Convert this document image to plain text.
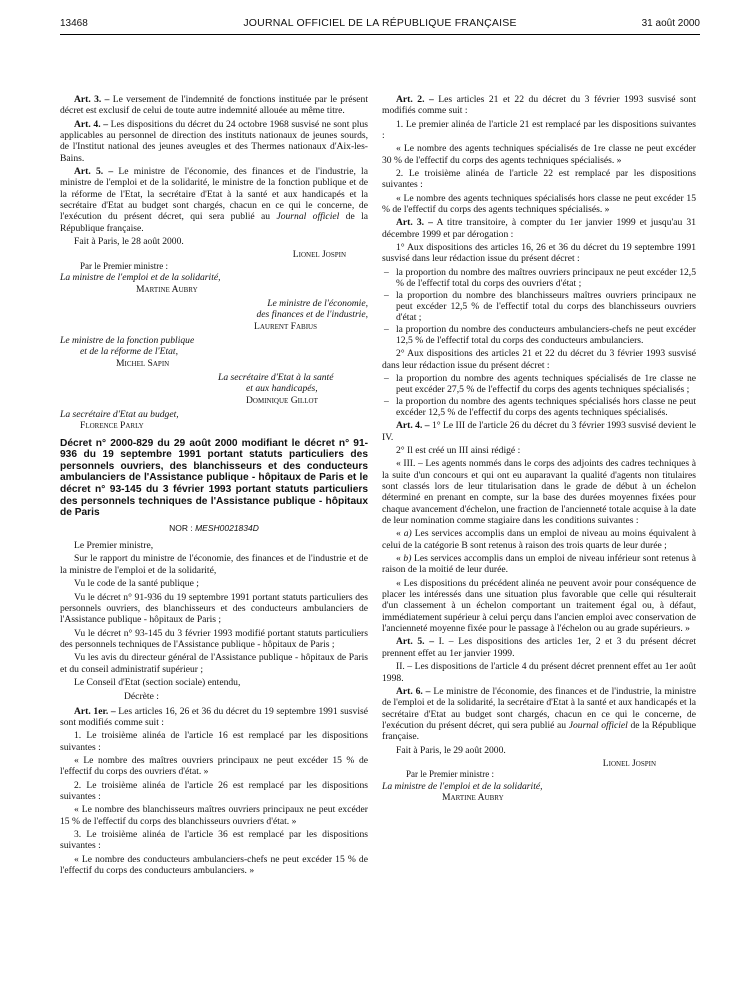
13468	JOURNAL OFFICIEL DE LA RÉPUBLIQUE FRANÇAISE	31 août 2000

Art. 3. – Le versement de l'indemnité de fonctions instituée par le présent décret est exclusif de celui de toute autre indemnité allouée au même titre.

Art. 4. – Les dispositions du décret du 24 octobre 1968 susvisé ne sont plus applicables au personnel de direction des instituts nationaux de jeunes sourds, de l'Institut national des jeunes aveugles et des Thermes nationaux d'Aix-les-Bains.

Art. 5. – Le ministre de l'économie, des finances et de l'industrie, la ministre de l'emploi et de la solidarité, le ministre de la fonction publique et de la réforme de l'Etat, la secrétaire d'Etat à la santé et aux handicapés et la secrétaire d'Etat au budget sont chargés, chacun en ce qui le concerne, de l'exécution du présent décret, qui sera publié au Journal officiel de la République française.

Fait à Paris, le 28 août 2000.

Lionel Jospin
Par le Premier ministre :
La ministre de l'emploi et de la solidarité,
Martine Aubry
Le ministre de l'économie,
des finances et de l'industrie,
Laurent Fabius
Le ministre de la fonction publique
et de la réforme de l'Etat,
Michel Sapin
La secrétaire d'Etat à la santé
et aux handicapés,
Dominique Gillot
La secrétaire d'Etat au budget,
Florence Parly
Décret n° 2000-829 du 29 août 2000 modifiant le décret n° 91-936 du 19 septembre 1991 portant statuts particuliers des personnels ouvriers, des blanchisseurs et des conducteurs ambulanciers de l'Assistance publique - hôpitaux de Paris et le décret n° 93-145 du 3 février 1993 portant statuts particuliers des personnels techniques de l'Assistance publique - hôpitaux de Paris
NOR : MESH0021834D

Le Premier ministre,

Sur le rapport du ministre de l'économie, des finances et de l'industrie et de la ministre de l'emploi et de la solidarité,

Vu le code de la santé publique ;

Vu le décret n° 91-936 du 19 septembre 1991 portant statuts particuliers des personnels ouvriers, des blanchisseurs et des conducteurs ambulanciers de l'Assistance publique - hôpitaux de Paris ;

Vu le décret n° 93-145 du 3 février 1993 modifié portant statuts particuliers des personnels techniques de l'Assistance publique - hôpitaux de Paris ;

Vu les avis du directeur général de l'Assistance publique - hôpitaux de Paris et du conseil administratif supérieur ;

Le Conseil d'Etat (section sociale) entendu,

Décrète :

Art. 1er. – Les articles 16, 26 et 36 du décret du 19 septembre 1991 susvisé sont modifiés comme suit :

1. Le troisième alinéa de l'article 16 est remplacé par les dispositions suivantes :

« Le nombre des maîtres ouvriers principaux ne peut excéder 15 % de l'effectif du corps des ouvriers d'état. »

2. Le troisième alinéa de l'article 26 est remplacé par les dispositions suivantes :

« Le nombre des blanchisseurs maîtres ouvriers principaux ne peut excéder 15 % de l'effectif du corps des blanchisseurs ouvriers d'état. »

3. Le troisième alinéa de l'article 36 est remplacé par les dispositions suivantes :

« Le nombre des conducteurs ambulanciers-chefs ne peut excéder 15 % de l'effectif du corps des conducteurs ambulanciers. »

Art. 2. – Les articles 21 et 22 du décret du 3 février 1993 susvisé sont modifiés comme suit :

1. Le premier alinéa de l'article 21 est remplacé par les dispositions suivantes :

« Le nombre des agents techniques spécialisés de 1re classe ne peut excéder 30 % de l'effectif du corps des agents techniques spécialisés. »

2. Le troisième alinéa de l'article 22 est remplacé par les dispositions suivantes :

« Le nombre des agents techniques spécialisés hors classe ne peut excéder 15 % de l'effectif du corps des agents techniques spécialisés. »

Art. 3. – A titre transitoire, à compter du 1er janvier 1999 et jusqu'au 31 décembre 1999 et par dérogation :

1° Aux dispositions des articles 16, 26 et 36 du décret du 19 septembre 1991 susvisé dans leur rédaction issue du présent décret :

– la proportion du nombre des maîtres ouvriers principaux ne peut excéder 12,5 % de l'effectif total du corps des ouvriers d'état ;
– la proportion du nombre des blanchisseurs maîtres ouvriers principaux ne peut excéder 12,5 % de l'effectif total du corps des blanchisseurs ouvriers d'état ;
– la proportion du nombre des conducteurs ambulanciers-chefs ne peut excéder 12,5 % de l'effectif total du corps des conducteurs ambulanciers.

2° Aux dispositions des articles 21 et 22 du décret du 3 février 1993 susvisé dans leur rédaction issue du présent décret :

– la proportion du nombre des agents techniques spécialisés de 1re classe ne peut excéder 27,5 % de l'effectif du corps des agents techniques spécialisés ;
– la proportion du nombre des agents techniques spécialisés hors classe ne peut excéder 12,5 % de l'effectif du corps des agents techniques spécialisés.

Art. 4. – 1° Le III de l'article 26 du décret du 3 février 1993 susvisé devient le IV.

2° Il est créé un III ainsi rédigé :

« III. – Les agents nommés dans le corps des adjoints des cadres techniques à la suite d'un concours et qui ont eu auparavant la qualité d'agents non titulaires sont classés lors de leur titularisation dans le grade de début à un échelon déterminé en prenant en compte, sur la base des durées moyennes fixées pour chaque avancement d'échelon, une fraction de l'ancienneté totale acquise à la date de leur nomination comme stagiaire dans les conditions suivantes :

« a) Les services accomplis dans un emploi de niveau au moins équivalent à celui de la catégorie B sont retenus à raison des trois quarts de leur durée ;

« b) Les services accomplis dans un emploi de niveau inférieur sont retenus à raison de la moitié de leur durée.

« Les dispositions du précédent alinéa ne peuvent avoir pour conséquence de placer les intéressés dans une situation plus favorable que celle qui résulterait d'un classement à un échelon comportant un traitement égal ou, à défaut, immédiatement supérieur à celui perçu dans l'ancien emploi avec conservation de l'ancienneté moyenne fixée pour le passage à l'échelon ou au grade supérieurs. »

Art. 5. – I. – Les dispositions des articles 1er, 2 et 3 du présent décret prennent effet au 1er janvier 1999.

II. – Les dispositions de l'article 4 du présent décret prennent effet au 1er août 1998.

Art. 6. – Le ministre de l'économie, des finances et de l'industrie, la ministre de l'emploi et de la solidarité, la secrétaire d'Etat à la santé et aux handicapés et la secrétaire d'Etat au budget sont chargés, chacun en ce qui le concerne, de l'exécution du présent décret, qui sera publié au Journal officiel de la République française.

Fait à Paris, le 29 août 2000.

Lionel Jospin
Par le Premier ministre :
La ministre de l'emploi et de la solidarité,
Martine Aubry
